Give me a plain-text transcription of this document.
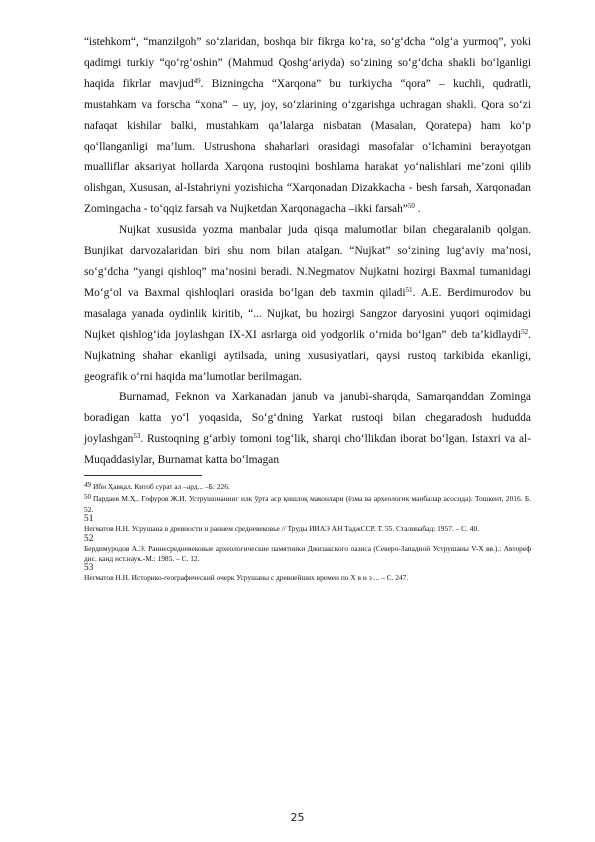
“istehkom“, “manzilgoh” so‘zlaridan, boshqa bir fikrga ko‘ra, so‘g‘dcha “olg‘a yurmoq”, yoki qadimgi turkiy “qo‘rg‘oshin” (Mahmud Qoshg‘ariyda) so‘zining so‘g‘dcha shakli bo‘lganligi haqida fikrlar mavjud$^{49}$. Bizningcha “Xarqona” bu turkiycha “qora” – kuchli, qudratli, mustahkam va forscha “xona” – uy, joy, so‘zlarining o‘zgarishga uchragan shakli. Qora so‘zi nafaqat kishilar balki, mustahkam qa’lalarga nisbatan (Masalan, Qoratepa) ham ko‘p qo‘llanganligi ma’lum. Ustrushona shaharlari orasidagi masofalar o‘lchamini berayotgan mualliflar aksariyat hollarda Xarqona rustoqini boshlama harakat yo‘nalishlari me’zoni qilib olishgan, Xususan, al-Istahriyni yozishicha “Xarqonadan Dizakkacha - besh farsah, Xarqonadan Zomingacha - to‘qqiz farsah va Nujketdan Xarqonagacha –ikki farsah”$^{50}$ .

Nujkat xususida yozma manbalar juda qisqa malumotlar bilan chegaralanib qolgan. Bunjikat darvozalaridan biri shu nom bilan atalgan. “Nujkat” so‘zining lug‘aviy ma’nosi, so‘g‘dcha “yangi qishloq” ma’nosini beradi. N.Negmatov Nujkatni hozirgi Baxmal tumanidagi Mo‘g‘ol va Baxmal qishloqlari orasida bo‘lgan deb taxmin qiladi$^{51}$. A.E. Berdimurodov bu masalaga yanada oydinlik kiritib, “... Nujkat, bu hozirgi Sangzor daryosini yuqori oqimidagi Nujket qishlog‘ida joylashgan IX-XI asrlarga oid yodgorlik o‘rnida bo‘lgan” deb ta’kidlaydi$^{52}$. Nujkatning shahar ekanligi aytilsada, uning xususiyatlari, qaysi rustoq tarkibida ekanligi, geografik o‘rni haqida ma’lumotlar berilmagan.

Burnamad, Feknon va Xarkanadan janub va janubi-sharqda, Samarqanddan Zominga boradigan katta yo‘l yoqasida, So‘g‘dning Yarkat rustoqi bilan chegaradosh hududda joylashgan$^{53}$. Rustoqning g‘arbiy tomoni tog‘lik, sharqi cho‘llikdan iborat bo‘lgan. Istaxri va al-Muqaddasiylar, Burnamat katta bo‘lmagan

49 Ибн Ҳавқал. Китоб сурат ал –ард... –Б: 226.

50 Пардаев М.Ҳ., Ғофуров Ж.И. Уструшонанинг илк ўрта аср қишлоқ маконлари (ёзма ва археологик манбалар асосида). Тошкент, 2016. Б. 52.

51
Негматов Н.Н. Усрушана в древности и раннем средневековье // Труды ИИАЭ АН ТаджССР. Т. 55. Сталинабад: 1957. – С. 40.

52
Бердимуродов А.Э. Раннесредневековые археологические памятники Джизакского оазиса (Северо-Западной Уструшаны V-Х вв.).: Автореф дис. канд ист.наук.-М.: 1985. – С. 12.

53
Негматов Н.Н. Историко-географический очерк Усрушаны с древнейших времен по Х в н э ... – С. 247.

25
